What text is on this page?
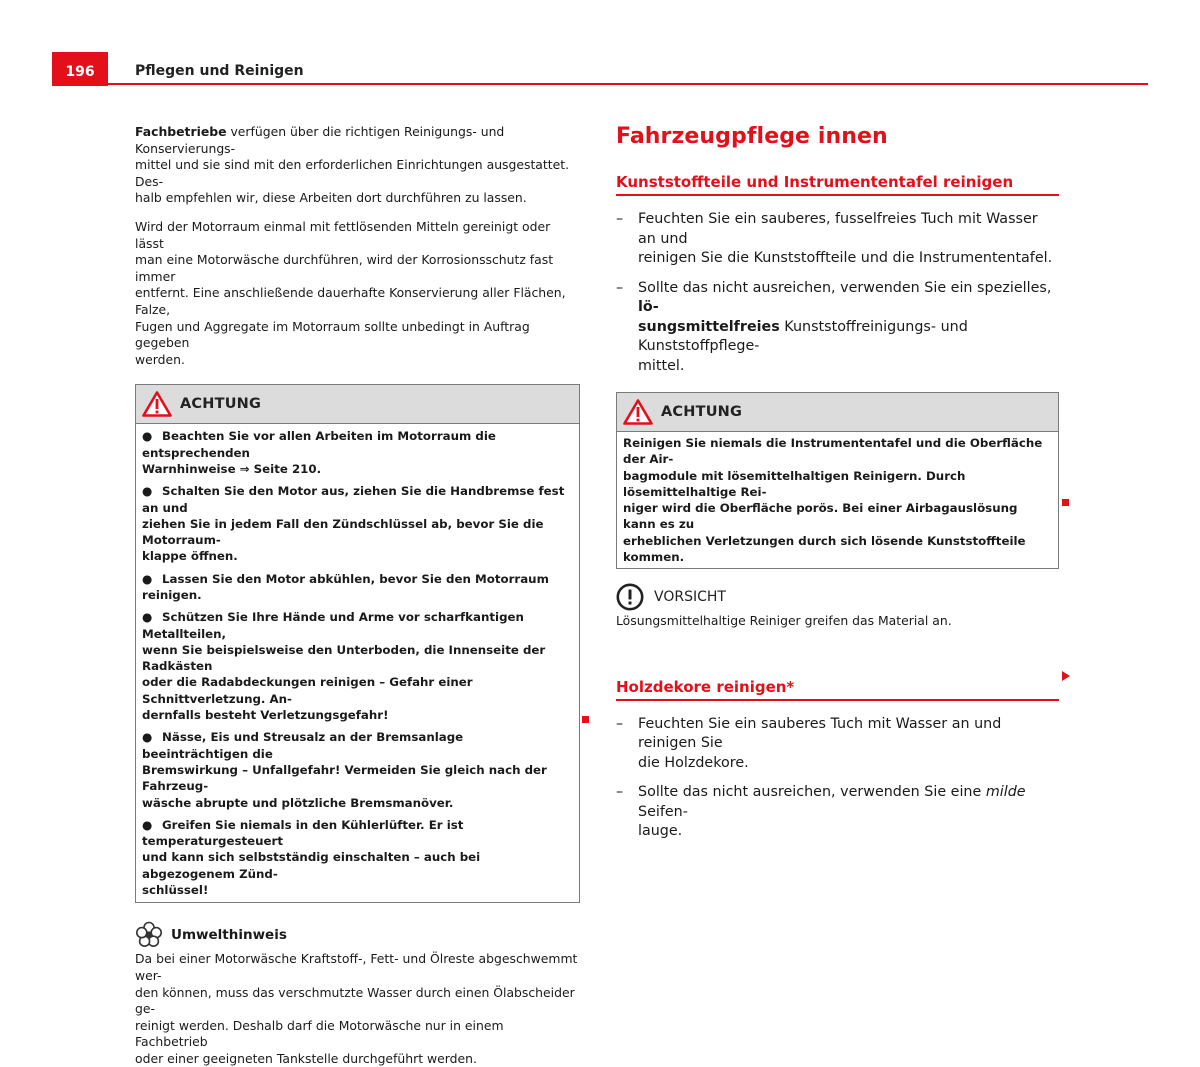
196	Pflegen und Reinigen

Fachbetriebe verfügen über die richtigen Reinigungs- und Konservierungs-
mittel und sie sind mit den erforderlichen Einrichtungen ausgestattet. Des-
halb empfehlen wir, diese Arbeiten dort durchführen zu lassen.

Wird der Motorraum einmal mit fettlösenden Mitteln gereinigt oder lässt
man eine Motorwäsche durchführen, wird der Korrosionsschutz fast immer
entfernt. Eine anschließende dauerhafte Konservierung aller Flächen, Falze,
Fugen und Aggregate im Motorraum sollte unbedingt in Auftrag gegeben
werden.

ACHTUNG

● Beachten Sie vor allen Arbeiten im Motorraum die entsprechenden
Warnhinweise ⇒ Seite 210.

● Schalten Sie den Motor aus, ziehen Sie die Handbremse fest an und
ziehen Sie in jedem Fall den Zündschlüssel ab, bevor Sie die Motorraum-
klappe öffnen.

● Lassen Sie den Motor abkühlen, bevor Sie den Motorraum reinigen.

● Schützen Sie Ihre Hände und Arme vor scharfkantigen Metallteilen,
wenn Sie beispielsweise den Unterboden, die Innenseite der Radkästen
oder die Radabdeckungen reinigen – Gefahr einer Schnittverletzung. An-
dernfalls besteht Verletzungsgefahr!

● Nässe, Eis und Streusalz an der Bremsanlage beeinträchtigen die
Bremswirkung – Unfallgefahr! Vermeiden Sie gleich nach der Fahrzeug-
wäsche abrupte und plötzliche Bremsmanöver.

● Greifen Sie niemals in den Kühlerlüfter. Er ist temperaturgesteuert
und kann sich selbstständig einschalten – auch bei abgezogenem Zünd-
schlüssel!

Umwelthinweis

Da bei einer Motorwäsche Kraftstoff-, Fett- und Ölreste abgeschwemmt wer-
den können, muss das verschmutzte Wasser durch einen Ölabscheider ge-
reinigt werden. Deshalb darf die Motorwäsche nur in einem Fachbetrieb
oder einer geeigneten Tankstelle durchgeführt werden.

Fahrzeugpflege innen
Kunststoffteile und Instrumententafel reinigen
–	Feuchten Sie ein sauberes, fusselfreies Tuch mit Wasser an und
reinigen Sie die Kunststoffteile und die Instrumententafel.
–	Sollte das nicht ausreichen, verwenden Sie ein spezielles, lö-
sungsmittelfreies Kunststoffreinigungs- und Kunststoffpflege-
mittel.
ACHTUNG

Reinigen Sie niemals die Instrumententafel und die Oberfläche der Air-
bagmodule mit lösemittelhaltigen Reinigern. Durch lösemittelhaltige Rei-
niger wird die Oberfläche porös. Bei einer Airbagauslösung kann es zu
erheblichen Verletzungen durch sich lösende Kunststoffteile kommen.

VORSICHT

Lösungsmittelhaltige Reiniger greifen das Material an.

Holzdekore reinigen*
–	Feuchten Sie ein sauberes Tuch mit Wasser an und reinigen Sie
die Holzdekore.
–	Sollte das nicht ausreichen, verwenden Sie eine milde Seifen-
lauge.
